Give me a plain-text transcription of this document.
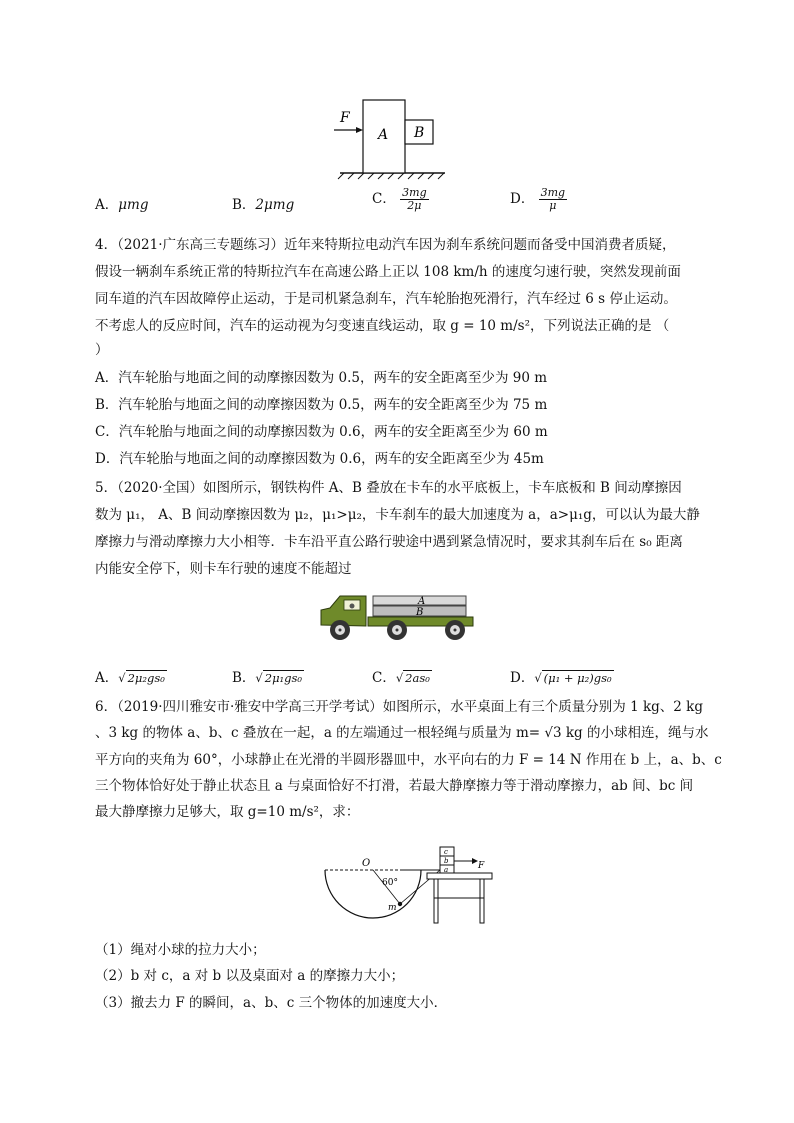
F
A B
A．μmg	B．2μmg	C． $\frac{3mg}{2\mu}$	D． $\frac{3mg}{\mu}$
4．（2021·广东高三专题练习）近年来特斯拉电动汽车因为刹车系统问题而备受中国消费者质疑，
假设一辆刹车系统正常的特斯拉汽车在高速公路上正以 108 km/h 的速度匀速行驶，突然发现前面
同车道的汽车因故障停止运动，于是司机紧急刹车，汽车轮胎抱死滑行，汽车经过 6 s 停止运动。
不考虑人的反应时间，汽车的运动视为匀变速直线运动，取 g = 10 m/s²，下列说法正确的是 （
）
A．汽车轮胎与地面之间的动摩擦因数为 0.5，两车的安全距离至少为 90 m
B．汽车轮胎与地面之间的动摩擦因数为 0.5，两车的安全距离至少为 75 m
C．汽车轮胎与地面之间的动摩擦因数为 0.6，两车的安全距离至少为 60 m
D．汽车轮胎与地面之间的动摩擦因数为 0.6，两车的安全距离至少为 45m
5．（2020·全国）如图所示，钢铁构件 A、B 叠放在卡车的水平底板上，卡车底板和 B 间动摩擦因
数为 μ₁， A、B 间动摩擦因数为 μ₂，μ₁>μ₂，卡车刹车的最大加速度为 a，a>μ₁g，可以认为最大静
摩擦力与滑动摩擦力大小相等．卡车沿平直公路行驶途中遇到紧急情况时，要求其刹车后在 s₀ 距离
内能安全停下，则卡车行驶的速度不能超过
A
B
A．√ 2μ₂gs₀	B．√ 2μ₁gs₀	C．√ 2as₀	D．√ (μ₁ + μ₂)gs₀
6．（2019·四川雅安市·雅安中学高三开学考试）如图所示，水平桌面上有三个质量分别为 1 kg、2 kg
、3 kg 的物体 a、b、c 叠放在一起，a 的左端通过一根轻绳与质量为 m= √3 kg 的小球相连，绳与水
平方向的夹角为 60°，小球静止在光滑的半圆形器皿中，水平向右的力 F = 14 N 作用在 b 上，a、b、c
三个物体恰好处于静止状态且 a 与桌面恰好不打滑，若最大静摩擦力等于滑动摩擦力，ab 间、bc 间
最大静摩擦力足够大，取 g=10 m/s²，求：
O
60°
m
c
b
a	F
（1）绳对小球的拉力大小；
（2）b 对 c，a 对 b 以及桌面对 a 的摩擦力大小；
（3）撤去力 F 的瞬间，a、b、c 三个物体的加速度大小．
